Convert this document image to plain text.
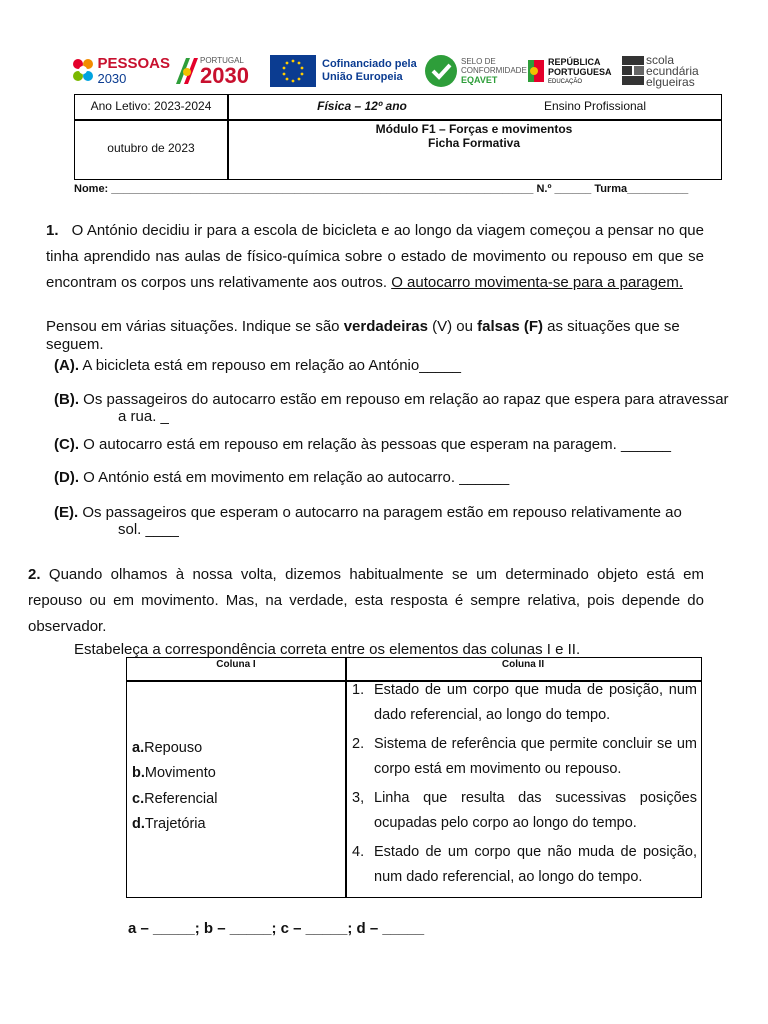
PESSOAS
2030
PORTUGAL
2030	Cofinanciado pela União Europeia
SELO DE CONFORMIDADE
EQAVET
REPÚBLICA PORTUGUESA
EDUCAÇÃO
scola
ecundária
elgueiras
Ano Letivo: 2023-2024	Física – 12º ano	Ensino Profissional
outubro de 2023
Módulo F1 – Forças e movimentos
Ficha Formativa
Nome: _____________________________________________________________________ N.º ______ Turma__________
1. O António decidiu ir para a escola de bicicleta e ao longo da viagem começou a pensar no que tinha aprendido nas aulas de físico-química sobre o estado de movimento ou repouso em que se encontram os corpos uns relativamente aos outros. O autocarro movimenta-se para a paragem.
Pensou em várias situações. Indique se são verdadeiras (V) ou falsas (F) as situações que se seguem.
(A). A bicicleta está em repouso em relação ao António_____
(B). Os passageiros do autocarro estão em repouso em relação ao rapaz que espera para atravessar
a rua. _
(C). O autocarro está em repouso em relação às pessoas que esperam na paragem. ______
(D). O António está em movimento em relação ao autocarro. ______
(E). Os passageiros que esperam o autocarro na paragem estão em repouso relativamente ao
sol. ____
2. Quando olhamos à nossa volta, dizemos habitualmente se um determinado objeto está em repouso ou em movimento. Mas, na verdade, esta resposta é sempre relativa, pois depende do observador.
Estabeleça a correspondência correta entre os elementos das colunas I e II.
Coluna I	Coluna II
a.Repouso
b.Movimento
c.Referencial
d.Trajetória
1. Estado de um corpo que muda de posição, num dado referencial, ao longo do tempo.
2. Sistema de referência que permite concluir se um corpo está em movimento ou repouso.
3, Linha que resulta das sucessivas posições ocupadas pelo corpo ao longo do tempo.
4. Estado de um corpo que não muda de posição, num dado referencial, ao longo do tempo.
a – _____; b – _____; c – _____; d – _____
